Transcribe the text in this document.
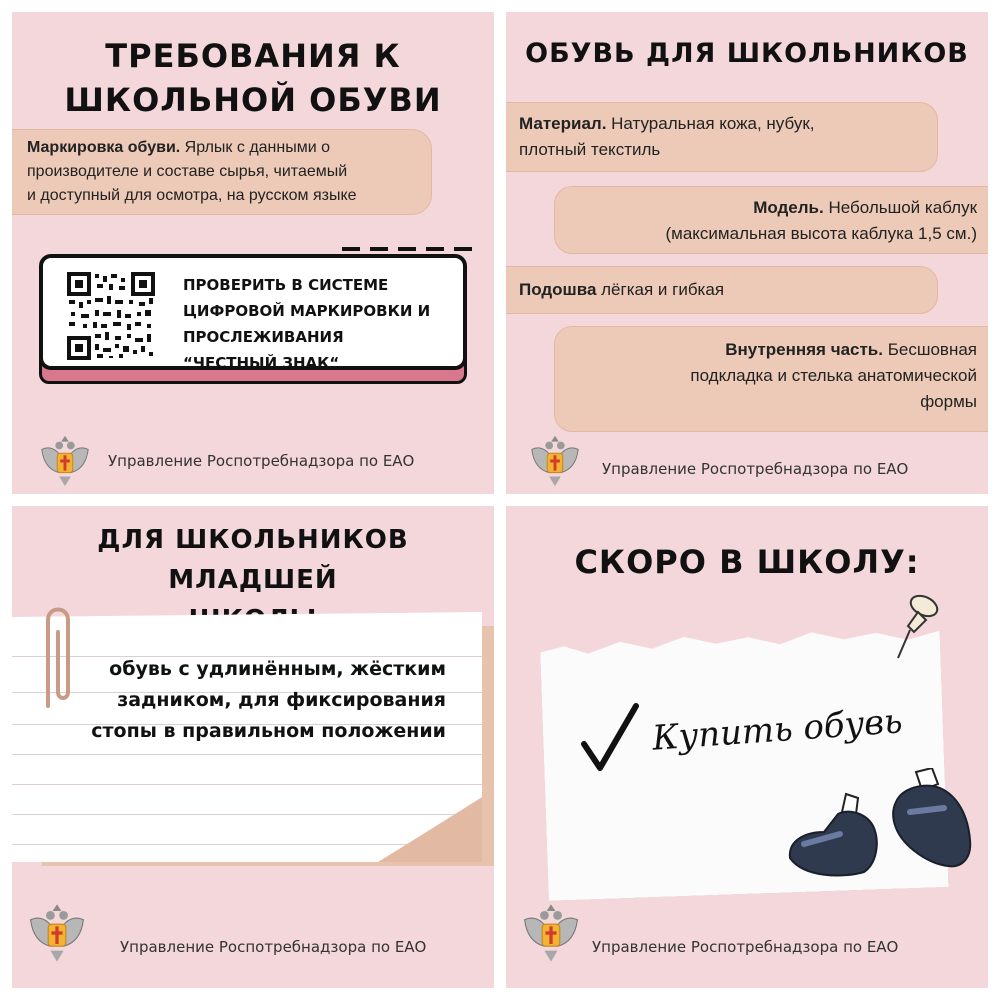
ТРЕБОВАНИЯ К
ШКОЛЬНОЙ ОБУВИ
Маркировка обуви. Ярлык с данными о
производителе и составе сырья, читаемый
и доступный для осмотра, на русском языке
ПРОВЕРИТЬ В СИСТЕМЕ
ЦИФРОВОЙ МАРКИРОВКИ И
ПРОСЛЕЖИВАНИЯ
“ЧЕСТНЫЙ ЗНАК“
Управление Роспотребнадзора по ЕАО
ОБУВЬ ДЛЯ ШКОЛЬНИКОВ
Материал. Натуральная кожа, нубук,
плотный текстиль
Модель. Небольшой каблук
(максимальная высота каблука 1,5 см.)
Подошва лёгкая и гибкая
Внутренняя часть. Бесшовная
подкладка и стелька анатомической
формы
Управление Роспотребнадзора по ЕАО
ДЛЯ ШКОЛЬНИКОВ МЛАДШЕЙ
обувь с удлинённым, жёстким
задником, для фиксирования
стопы в правильном положении
Управление Роспотребнадзора по ЕАО
СКОРО В ШКОЛУ:
Купить обувь
Управление Роспотребнадзора по ЕАО
